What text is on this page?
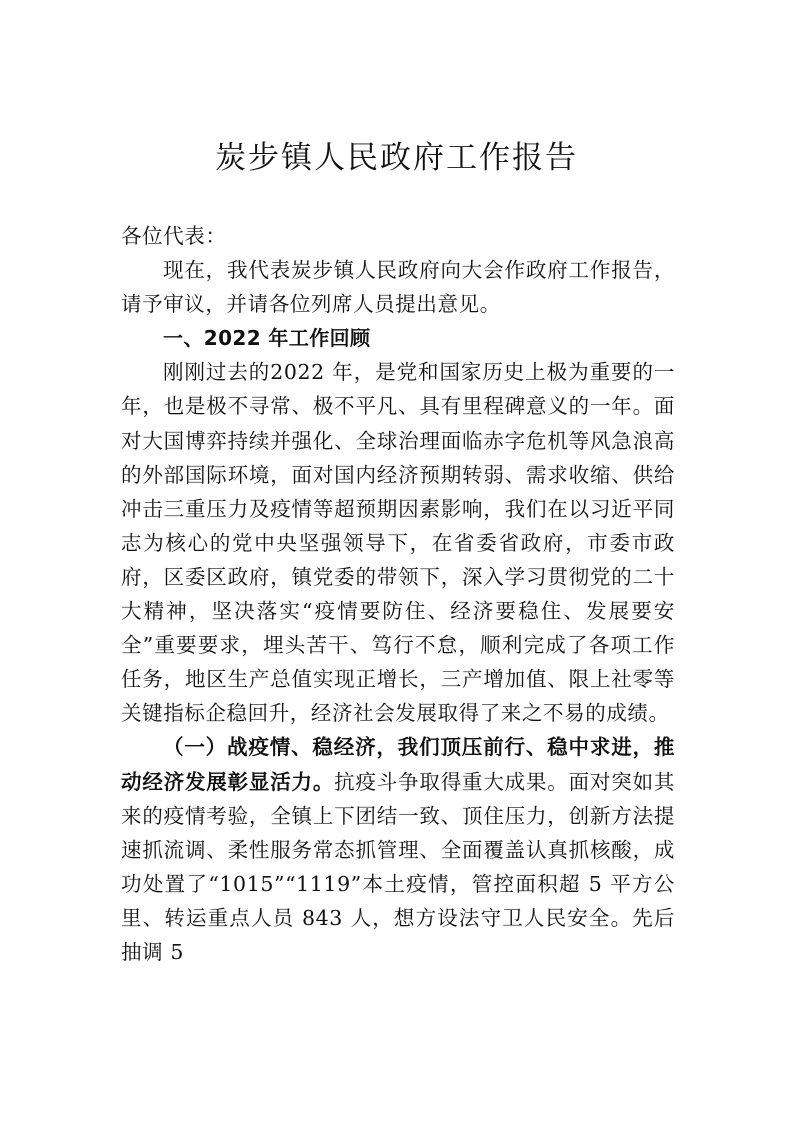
炭步镇人民政府工作报告

各位代表：

现在，我代表炭步镇人民政府向大会作政府工作报告，请予审议，并请各位列席人员提出意见。

一、2022 年工作回顾

刚刚过去的2022 年，是党和国家历史上极为重要的一年，也是极不寻常、极不平凡、具有里程碑意义的一年。面对大国博弈持续并强化、全球治理面临赤字危机等风急浪高的外部国际环境，面对国内经济预期转弱、需求收缩、供给冲击三重压力及疫情等超预期因素影响，我们在以习近平同志为核心的党中央坚强领导下，在省委省政府，市委市政府，区委区政府，镇党委的带领下，深入学习贯彻党的二十大精神，坚决落实“疫情要防住、经济要稳住、发展要安全”重要要求，埋头苦干、笃行不怠，顺利完成了各项工作任务，地区生产总值实现正增长，三产增加值、限上社零等关键指标企稳回升，经济社会发展取得了来之不易的成绩。

（一）战疫情、稳经济，我们顶压前行、稳中求进，推动经济发展彰显活力。抗疫斗争取得重大成果。面对突如其来的疫情考验，全镇上下团结一致、顶住压力，创新方法提速抓流调、柔性服务常态抓管理、全面覆盖认真抓核酸，成功处置了“1015”“1119”本土疫情，管控面积超 5 平方公里、转运重点人员 843 人，想方设法守卫人民安全。先后抽调 5
